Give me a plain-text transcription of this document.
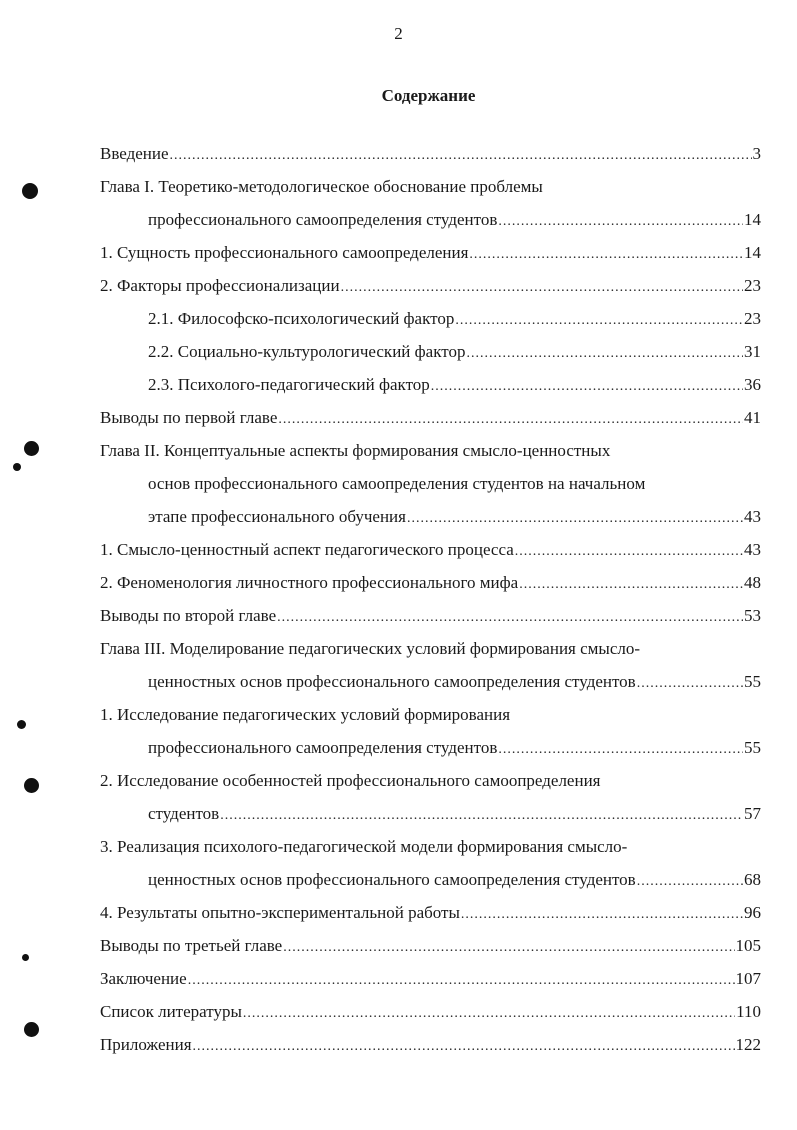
2
Содержание
Введение .....	3
Глава I. Теоретико-методологическое обоснование проблемы
профессионального самоопределения студентов .....	14
1. Сущность профессионального самоопределения .....	14
2. Факторы профессионализации .....	23
2.1. Философско-психологический фактор .....	23
2.2. Социально-культурологический фактор .....	31
2.3. Психолого-педагогический фактор .....	36
Выводы по первой главе .....	41
Глава II. Концептуальные аспекты формирования смысло-ценностных
основ профессионального самоопределения студентов на начальном
этапе профессионального обучения .....	43
1. Смысло-ценностный аспект педагогического процесса .....	43
2. Феноменология личностного профессионального мифа .....	48
Выводы по второй главе .....	53
Глава III. Моделирование педагогических условий формирования смысло-
ценностных основ профессионального самоопределения студентов .....	55
1. Исследование педагогических условий формирования
профессионального самоопределения студентов .....	55
2. Исследование особенностей профессионального самоопределения
студентов .....	57
3. Реализация психолого-педагогической модели формирования смысло-
ценностных основ профессионального самоопределения студентов .....	68
4. Результаты опытно-экспериментальной работы .....	96
Выводы по третьей главе .....	105
Заключение .....	107
Список литературы .....	110
Приложения .....	122
